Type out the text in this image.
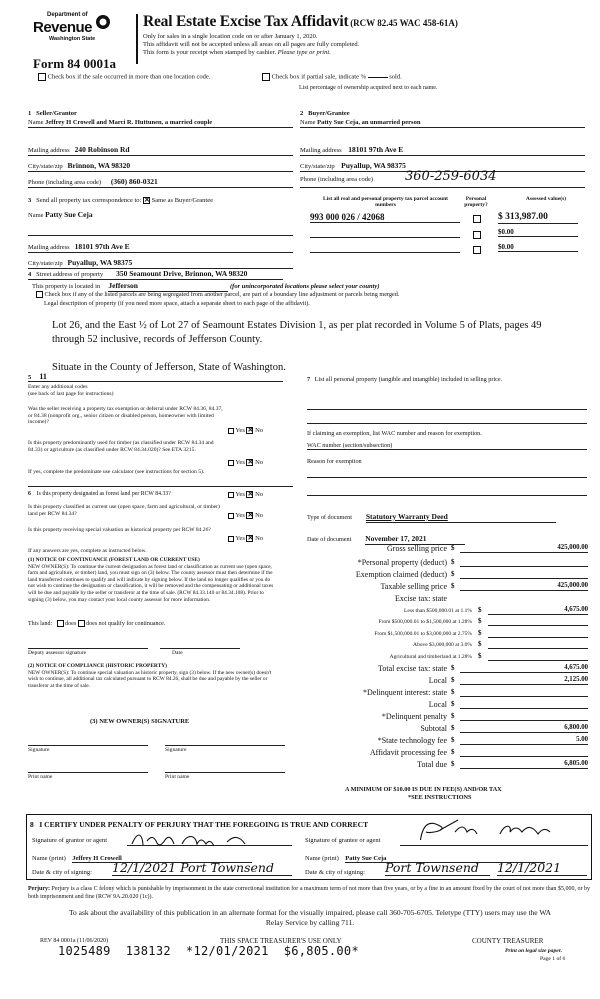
Department of
Revenue
Washington State
Real Estate Excise Tax Affidavit (RCW 82.45 WAC 458-61A)
Only for sales in a single location code on or after January 1, 2020.
This affidavit will not be accepted unless all areas on all pages are fully completed.
This form is your receipt when stamped by cashier. Please type or print.
Form 84 0001a
Check box if the sale occurred in more than one location code.	Check box if partial sale, indicate %	sold.
List percentage of ownership acquired next to each name.
1 Seller/Grantor
Name Jeffrey H Crowell and Marci R. Huttunen, a married couple
Mailing address 240 Robinson Rd
City/state/zip Brinnon, WA 98320
Phone (including area code) (360) 860-0321
2 Buyer/Grantee
Name Patty Sue Ceja, an unmarried person
Mailing address 18101 97th Ave E
City/state/zip Puyallup, WA 98375
Phone (including area code) 360-259-6034
3 Send all property tax correspondence to: ✕ Same as Buyer/Grantee
Name Patty Sue Ceja
Mailing address 18101 97th Ave E
City/state/zip Puyallup, WA 98375
List all real and personal property tax parcel account numbers
Personal property?
Assessed value(s)
993 000 026 / 42068	$ 313,987.00
$0.00
$0.00
4 Street address of property 350 Seamount Drive, Brinnon, WA 98320
This property is located in Jefferson	(for unincorporated locations please select your county)
Check box if any of the listed parcels are being segregated from another parcel, are part of a boundary line adjustment or parcels being merged.
Legal description of property (if you need more space, attach a separate sheet to each page of the affidavit).
Lot 26, and the East ½ of Lot 27 of Seamount Estates Division 1, as per plat recorded in Volume 5 of Plats, pages 49
through 52 inclusive, records of Jefferson County.
Situate in the County of Jefferson, State of Washington.
5 11
Enter any additional codes
(see back of last page for instructions)
Was the seller receiving a property tax exemption or deferral under RCW 84.36, 84.37, or 84.38 (nonprofit org., senior citizen or disabled person, homeowner with limited income)?
Yes ✕ No
Is this property predominantly used for timber (as classified under RCW 84.34 and 84.33) or agriculture (as classified under RCW 84.34.020)? See ETA 3215.
Yes ✕ No
If yes, complete the predominate use calculator (see instructions for section 5).
6 Is this property designated as forest land per RCW 84.33?	Yes ✕ No
Is this property classified as current use (open space, farm and agricultural, or timber) land per RCW 84.34?	Yes ✕ No
Is this property receiving special valuation as historical property per RCW 84.26?
Yes ✕ No
If any answers are yes, complete as instructed below.
(1) NOTICE OF CONTINUANCE (FOREST LAND OR CURRENT USE)
NEW OWNER(S): To continue the current designation as forest land or classification as current use (open space, farm and agriculture, or timber) land, you must sign on (3) below. The county assessor must then determine if the land transferred continues to qualify and will indicate by signing below. If the land no longer qualifies or you do not wish to continue the designation or classification, it will be removed and the compensating or additional taxes will be due and payable by the seller or transferor at the time of sale. (RCW 84.33.140 or 84.34.108). Prior to signing (3) below, you may contact your local county assessor for more information.
This land: does does not qualify for continuance.
Deputy assessor signature	Date
(2) NOTICE OF COMPLIANCE (HISTORIC PROPERTY)
NEW OWNER(S): To continue special valuation as historic property, sign (3) below. If the new owner(s) doesn't wish to continue, all additional tax calculated pursuant to RCW 84.26, shall be due and payable by the seller or transferor at the time of sale.
(3) NEW OWNER(S) SIGNATURE
Signature	Signature
Print name	Print name
7 List all personal property (tangible and intangible) included in selling price.
If claiming an exemption, list WAC number and reason for exemption.
WAC number (section/subsection)
Reason for exemption
Type of document Statutory Warranty Deed
Date of document November 17, 2021
Gross selling price $	425,000.00
*Personal property (deduct) $
Exemption claimed (deduct) $
Taxable selling price $	425,000.00
Excise tax: state
Less than $500,000.01 at 1.1% $	4,675.00
From $500,000.01 to $1,500,000 at 1.28% $
From $1,500,000.01 to $3,000,000 at 2.75% $
Above $3,000,000 at 3.0% $
Agricultural and timberland at 1.28% $
Total excise tax: state $	4,675.00
Local $	2,125.00
*Delinquent interest: state $
Local $
*Delinquent penalty $
Subtotal $	6,800.00
*State technology fee $	5.00
Affidavit processing fee $
Total due $	6,805.00
A MINIMUM OF $10.00 IS DUE IN FEE(S) AND/OR TAX
*SEE INSTRUCTIONS
8 I CERTIFY UNDER PENALTY OF PERJURY THAT THE FOREGOING IS TRUE AND CORRECT
Signature of grantor or agent	Signature of grantee or agent
Name (print) Jeffrey H Crowell	Name (print) Patty Sue Ceja
Date & city of signing: 12/1/2021 Port Townsend	Date & city of signing: Port Townsend	12/1/2021
Perjury: Perjury is a class C felony which is punishable by imprisonment in the state correctional institution for a maximum term of not more than five years, or by a fine in an amount fixed by the court of not more than $5,000, or by both imprisonment and fine (RCW 9A.20.020 (1c)).
To ask about the availability of this publication in an alternate format for the visually impaired, please call 360-705-6705. Teletype (TTY) users may use the WA Relay Service by calling 711.
REV 84 0001a (11/06/2020)	THIS SPACE TREASURER'S USE ONLY	COUNTY TREASURER
Print on legal size paper.
Page 1 of 6
1025489  138132  *12/01/2021  $6,805.00*
